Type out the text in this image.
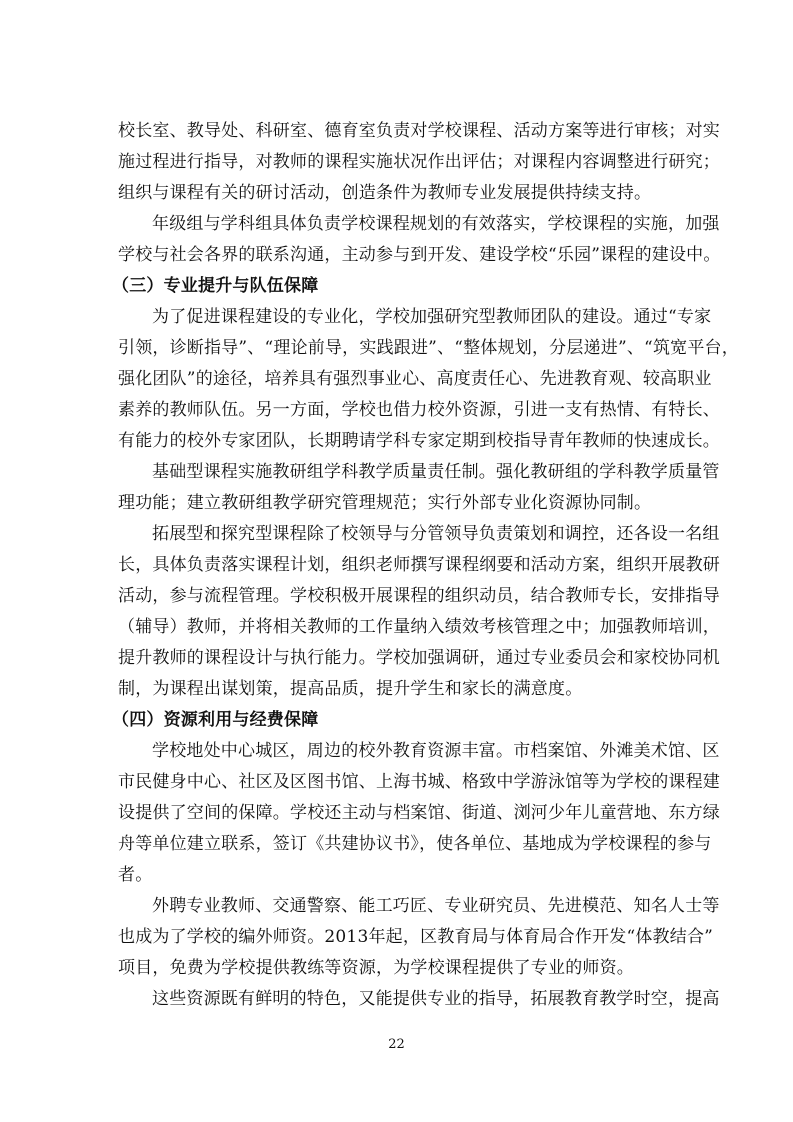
校长室、教导处、科研室、德育室负责对学校课程、活动方案等进行审核；对实
施过程进行指导，对教师的课程实施状况作出评估；对课程内容调整进行研究；
组织与课程有关的研讨活动，创造条件为教师专业发展提供持续支持。
年级组与学科组具体负责学校课程规划的有效落实，学校课程的实施，加强
学校与社会各界的联系沟通，主动参与到开发、建设学校“乐园”课程的建设中。
（三）专业提升与队伍保障
为了促进课程建设的专业化，学校加强研究型教师团队的建设。通过“专家
引领，诊断指导”、“理论前导，实践跟进”、“整体规划，分层递进”、“筑宽平台，
强化团队”的途径，培养具有强烈事业心、高度责任心、先进教育观、较高职业
素养的教师队伍。另一方面，学校也借力校外资源，引进一支有热情、有特长、
有能力的校外专家团队，长期聘请学科专家定期到校指导青年教师的快速成长。
基础型课程实施教研组学科教学质量责任制。强化教研组的学科教学质量管
理功能；建立教研组教学研究管理规范；实行外部专业化资源协同制。
拓展型和探究型课程除了校领导与分管领导负责策划和调控，还各设一名组
长，具体负责落实课程计划，组织老师撰写课程纲要和活动方案，组织开展教研
活动，参与流程管理。学校积极开展课程的组织动员，结合教师专长，安排指导
（辅导）教师，并将相关教师的工作量纳入绩效考核管理之中；加强教师培训，
提升教师的课程设计与执行能力。学校加强调研，通过专业委员会和家校协同机
制，为课程出谋划策，提高品质，提升学生和家长的满意度。
（四）资源利用与经费保障
学校地处中心城区，周边的校外教育资源丰富。市档案馆、外滩美术馆、区
市民健身中心、社区及区图书馆、上海书城、格致中学游泳馆等为学校的课程建
设提供了空间的保障。学校还主动与档案馆、街道、浏河少年儿童营地、东方绿
舟等单位建立联系，签订《共建协议书》，使各单位、基地成为学校课程的参与
者。
外聘专业教师、交通警察、能工巧匠、专业研究员、先进模范、知名人士等
也成为了学校的编外师资。2013年起，区教育局与体育局合作开发“体教结合”
项目，免费为学校提供教练等资源，为学校课程提供了专业的师资。
这些资源既有鲜明的特色，又能提供专业的指导，拓展教育教学时空，提高
22
